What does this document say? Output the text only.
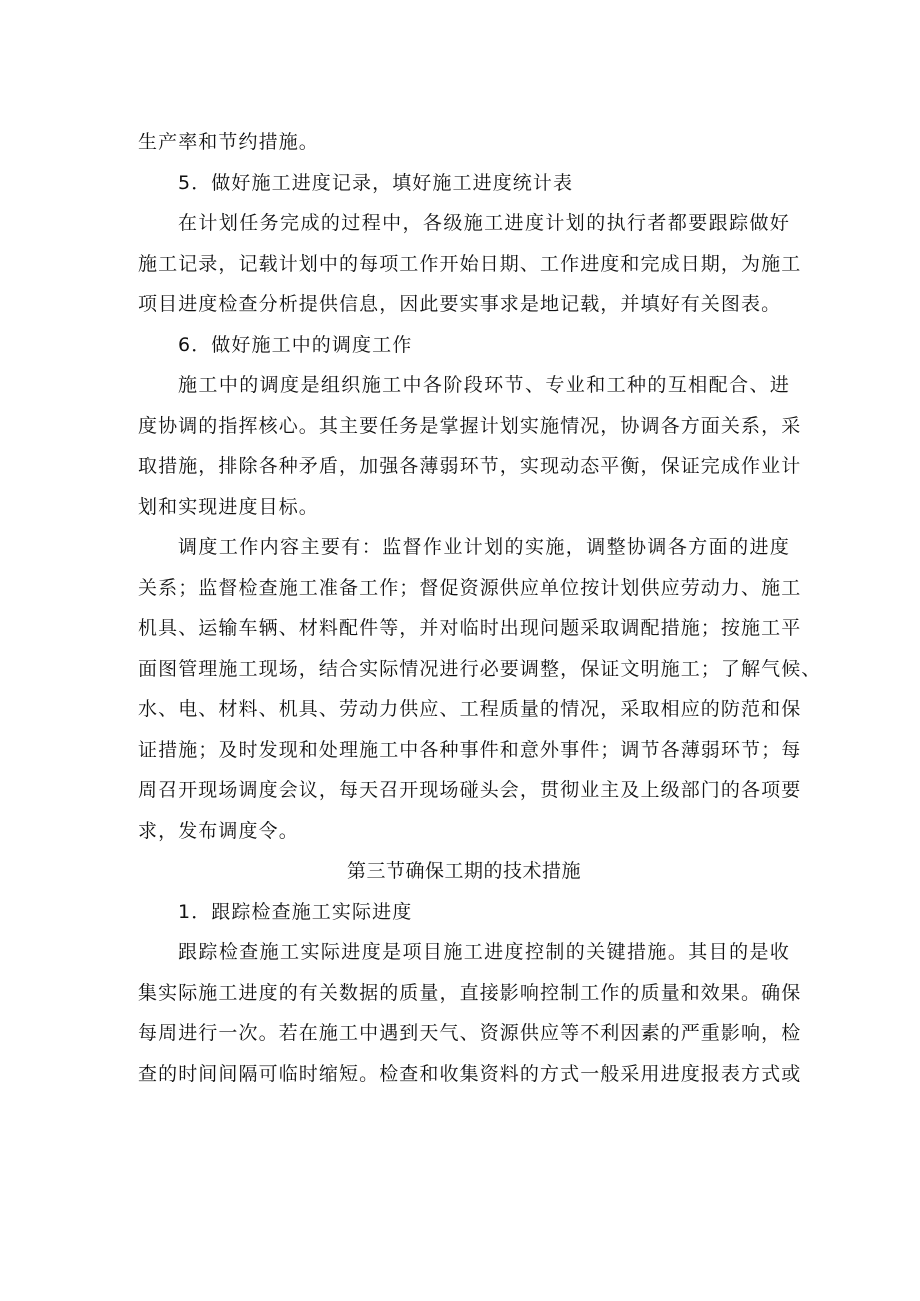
生产率和节约措施。
5．做好施工进度记录，填好施工进度统计表
在计划任务完成的过程中，各级施工进度计划的执行者都要跟踪做好
施工记录，记载计划中的每项工作开始日期、工作进度和完成日期，为施工
项目进度检查分析提供信息，因此要实事求是地记载，并填好有关图表。
6．做好施工中的调度工作
施工中的调度是组织施工中各阶段环节、专业和工种的互相配合、进
度协调的指挥核心。其主要任务是掌握计划实施情况，协调各方面关系，采
取措施，排除各种矛盾，加强各薄弱环节，实现动态平衡，保证完成作业计
划和实现进度目标。
调度工作内容主要有：监督作业计划的实施，调整协调各方面的进度
关系；监督检查施工准备工作；督促资源供应单位按计划供应劳动力、施工
机具、运输车辆、材料配件等，并对临时出现问题采取调配措施；按施工平
面图管理施工现场，结合实际情况进行必要调整，保证文明施工；了解气候、
水、电、材料、机具、劳动力供应、工程质量的情况，采取相应的防范和保
证措施；及时发现和处理施工中各种事件和意外事件；调节各薄弱环节；每
周召开现场调度会议，每天召开现场碰头会，贯彻业主及上级部门的各项要
求，发布调度令。
第三节确保工期的技术措施
1．跟踪检查施工实际进度
跟踪检查施工实际进度是项目施工进度控制的关键措施。其目的是收
集实际施工进度的有关数据的质量，直接影响控制工作的质量和效果。确保
每周进行一次。若在施工中遇到天气、资源供应等不利因素的严重影响，检
查的时间间隔可临时缩短。检查和收集资料的方式一般采用进度报表方式或
